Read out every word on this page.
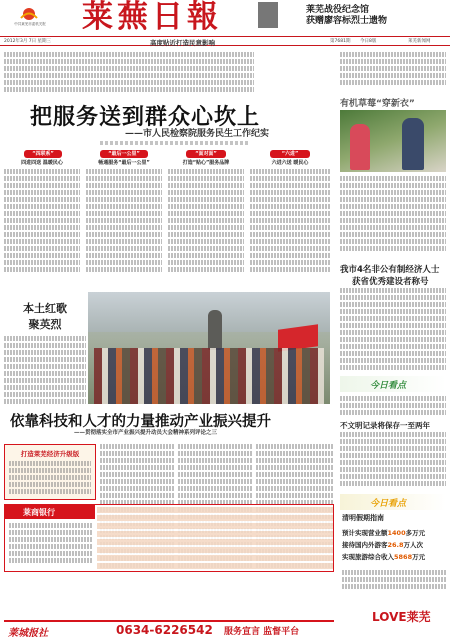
中共莱芜市委机关报 莱蕪日報	莱芜战役纪念馆
获赠廖容标烈士遗物
2012年3月 7日 星期三	高度贴近打造民意影响	第7681期 今日8版	莱芜新闻网
把服务送到群众心坎上
——市人民检察院服务民生工作纪实
“四联系”
四进四送 温暖民心
“最后一公里”
畅通服务“最后一公里”
“面对面”
打造“贴心”服务品牌
“六进”
六进六送 暖民心
本土红歌
聚英烈
有机草莓“穿新衣”
我市4名非公有制经济人士
获省优秀建设者称号
今日看点
不文明记录将保存一至两年
今日看点
清明假期指南
预计实现营业额1400多万元
接待国内外游客26.8万人次
实现旅游综合收入5868万元
依靠科技和人才的力量推动产业振兴提升
——贯彻落实全市产业振兴提升动员大会精神系列评论之三
打造莱芜经济升级版
莱商银行
莱城报社	0634-6226542 服务宣言 监督平台
LOVE莱芜
